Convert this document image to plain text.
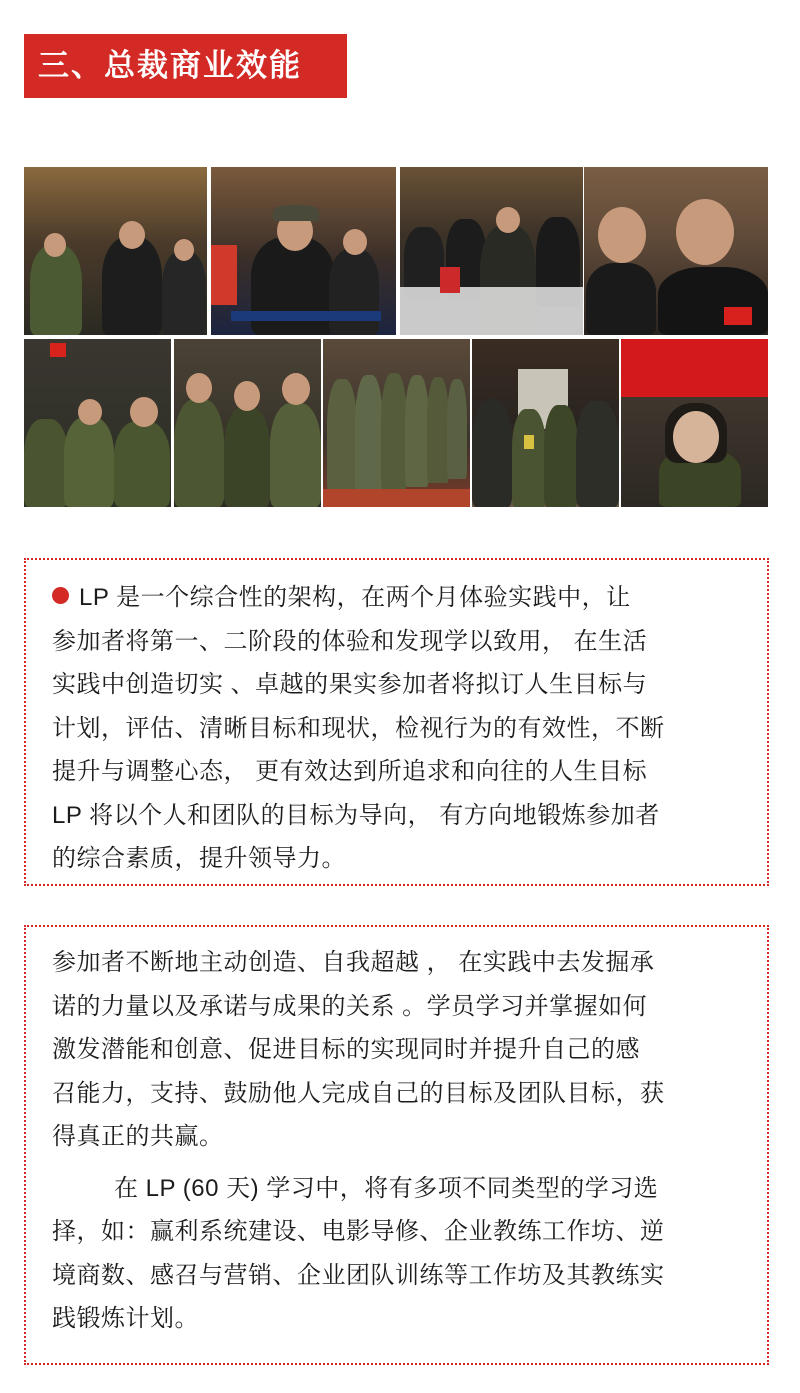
三、总裁商业效能

LP 是一个综合性的架构，在两个月体验实践中，让

参加者将第一、二阶段的体验和发现学以致用， 在生活

实践中创造切实 、卓越的果实参加者将拟订人生目标与

计划，评估、清晰目标和现状，检视行为的有效性，不断

提升与调整心态， 更有效达到所追求和向往的人生目标

LP 将以个人和团队的目标为导向， 有方向地锻炼参加者

的综合素质，提升领导力。

参加者不断地主动创造、自我超越 ， 在实践中去发掘承

诺的力量以及承诺与成果的关系 。学员学习并掌握如何

激发潜能和创意、促进目标的实现同时并提升自己的感

召能力，支持、鼓励他人完成自己的目标及团队目标，获

得真正的共赢。

在 LP (60 天) 学习中，将有多项不同类型的学习选

择，如：赢利系统建设、电影导修、企业教练工作坊、逆

境商数、感召与营销、企业团队训练等工作坊及其教练实

践锻炼计划。
